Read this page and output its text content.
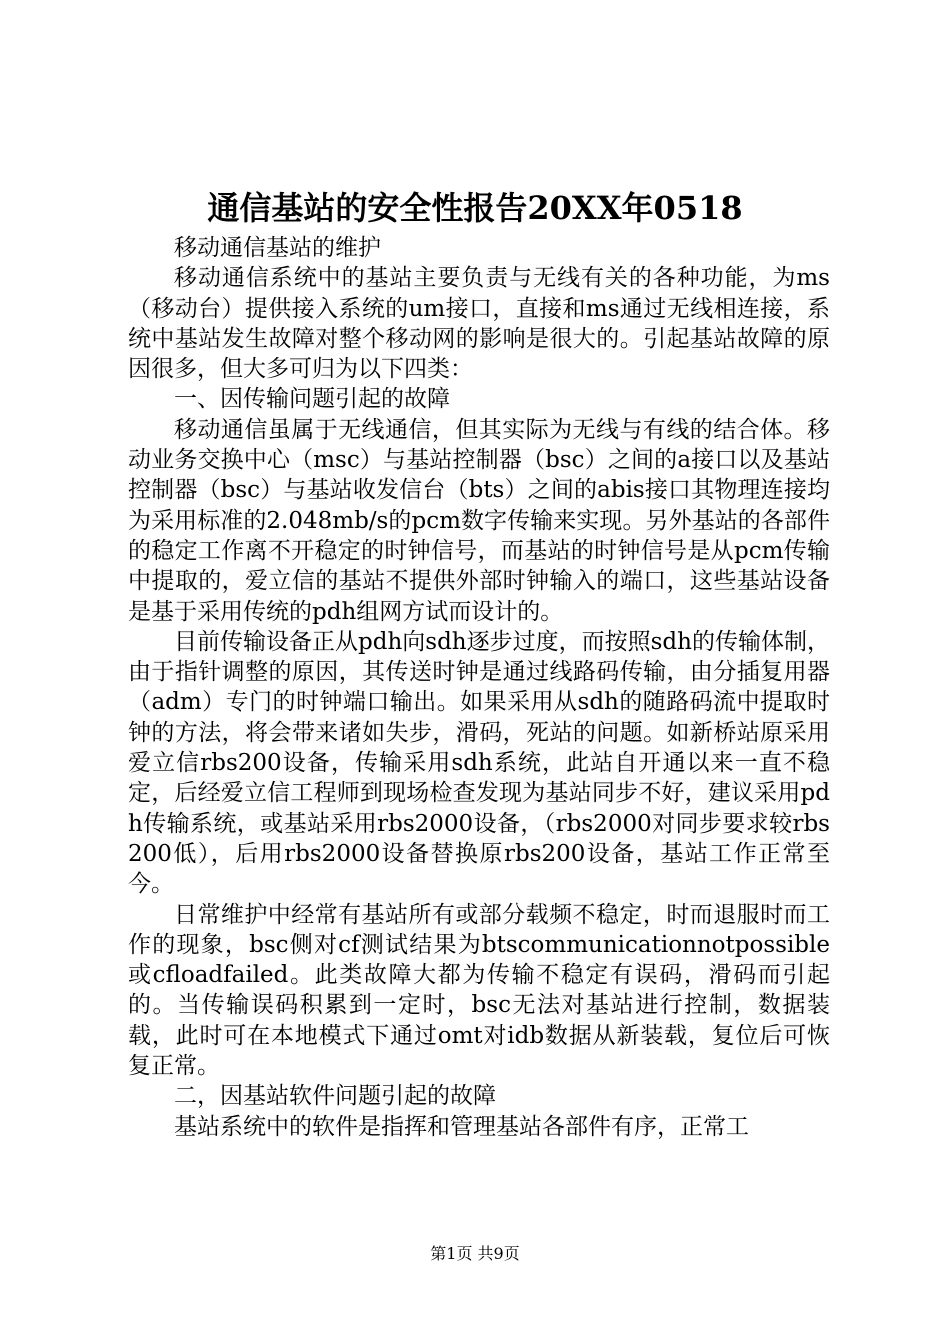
通信基站的安全性报告20XX年0518

移动通信基站的维护

移动通信系统中的基站主要负责与无线有关的各种功能，为ms（移动台）提供接入系统的um接口，直接和ms通过无线相连接，系统中基站发生故障对整个移动网的影响是很大的。引起基站故障的原因很多，但大多可归为以下四类：

一、因传输问题引起的故障

移动通信虽属于无线通信，但其实际为无线与有线的结合体。移动业务交换中心（msc）与基站控制器（bsc）之间的a接口以及基站控制器（bsc）与基站收发信台（bts）之间的abis接口其物理连接均为采用标准的2.048mb/s的pcm数字传输来实现。另外基站的各部件的稳定工作离不开稳定的时钟信号，而基站的时钟信号是从pcm传输中提取的，爱立信的基站不提供外部时钟输入的端口，这些基站设备是基于采用传统的pdh组网方试而设计的。

目前传输设备正从pdh向sdh逐步过度，而按照sdh的传输体制，由于指针调整的原因，其传送时钟是通过线路码传输，由分插复用器（adm）专门的时钟端口输出。如果采用从sdh的随路码流中提取时钟的方法，将会带来诸如失步，滑码，死站的问题。如新桥站原采用爱立信rbs200设备，传输采用sdh系统，此站自开通以来一直不稳定，后经爱立信工程师到现场检查发现为基站同步不好，建议采用pdh传输系统，或基站采用rbs2000设备，（rbs2000对同步要求较rbs200低），后用rbs2000设备替换原rbs200设备，基站工作正常至今。

日常维护中经常有基站所有或部分载频不稳定，时而退服时而工作的现象，bsc侧对cf测试结果为btscommunicationnotpossible或cfloadfailed。此类故障大都为传输不稳定有误码，滑码而引起的。当传输误码积累到一定时，bsc无法对基站进行控制，数据装载，此时可在本地模式下通过omt对idb数据从新装载，复位后可恢复正常。

二，因基站软件问题引起的故障

基站系统中的软件是指挥和管理基站各部件有序，正常工

第1页 共9页
